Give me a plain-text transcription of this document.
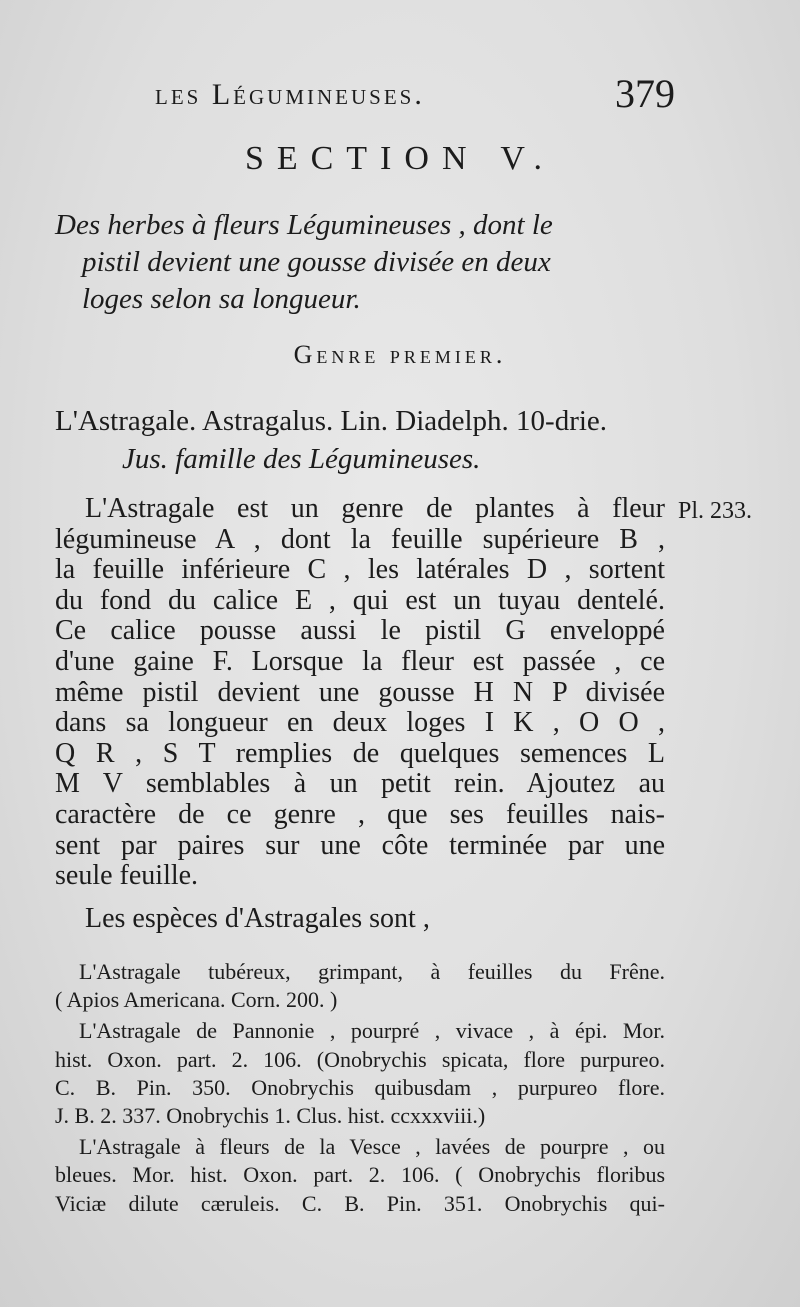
les Légumineuses.	379
SECTION V.
Des herbes à fleurs Légumineuses , dont le
pistil devient une gousse divisée en deux
loges selon sa longueur.
Genre premier.
L'Astragale. Astragalus. Lin. Diadelph. 10-drie.
Jus. famille des Légumineuses.
Pl. 233.
L'Astragale est un genre de plantes à fleur
légumineuse A , dont la feuille supérieure B ,
la feuille inférieure C , les latérales D , sortent
du fond du calice E , qui est un tuyau dentelé.
Ce calice pousse aussi le pistil G enveloppé
d'une gaine F. Lorsque la fleur est passée , ce
même pistil devient une gousse H N P divisée
dans sa longueur en deux loges I K , O O ,
Q R , S T remplies de quelques semences L
M V semblables à un petit rein. Ajoutez au
caractère de ce genre , que ses feuilles nais-
sent par paires sur une côte terminée par une
seule feuille.
Les espèces d'Astragales sont ,
L'Astragale tubéreux, grimpant, à feuilles du Frêne.
( Apios Americana. Corn. 200. )
L'Astragale de Pannonie , pourpré , vivace , à épi. Mor.
hist. Oxon. part. 2. 106. (Onobrychis spicata, flore purpureo.
C. B. Pin. 350. Onobrychis quibusdam , purpureo flore.
J. B. 2. 337. Onobrychis 1. Clus. hist. ccxxxviii.)
L'Astragale à fleurs de la Vesce , lavées de pourpre , ou
bleues. Mor. hist. Oxon. part. 2. 106. ( Onobrychis floribus
Viciæ dilute cæruleis. C. B. Pin. 351. Onobrychis qui-
